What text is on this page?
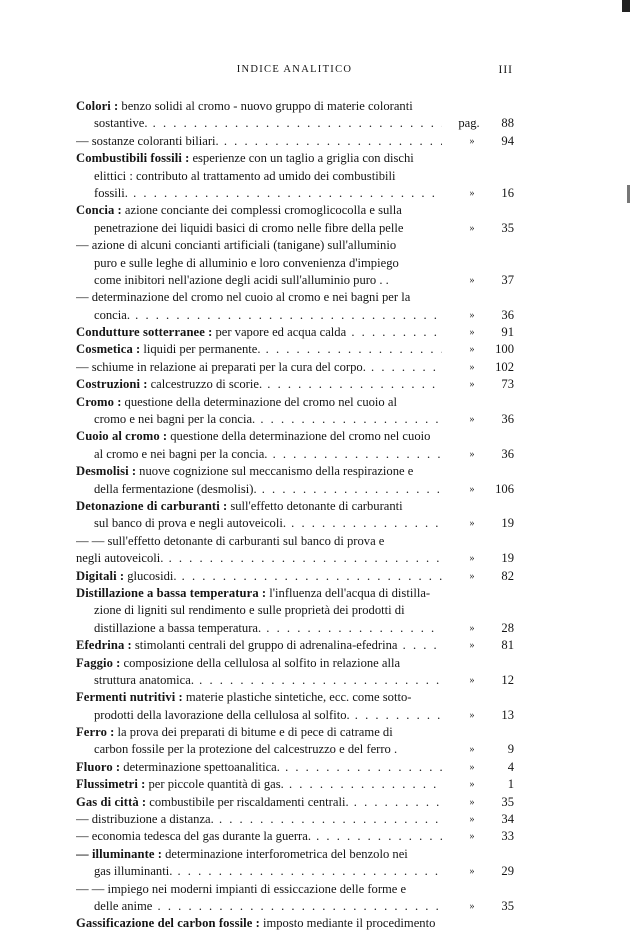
INDICE ANALITICO	III
Colori : benzo solidi al cromo - nuovo gruppo di materie coloranti
sostantive. . . .	pag.	88
— sostanze coloranti biliari. . . .	»	94
Combustibili fossili : esperienze con un taglio a griglia con dischi
elittici : contributo al trattamento ad umido dei combustibili
fossili. . . .	»	16
Concia : azione conciante dei complessi cromoglicocolla e sulla
penetrazione dei liquidi basici di cromo nelle fibre della pelle	»	35
— azione di alcuni concianti artificiali (tanigane) sull'alluminio
puro e sulle leghe di alluminio e loro convenienza d'impiego
come inibitori nell'azione degli acidi sull'alluminio puro . .	»	37
— determinazione del cromo nel cuoio al cromo e nei bagni per la
concia. . . .	»	36
Condutture sotterranee : per vapore ed acqua calda . . .	»	91
Cosmetica : liquidi per permanente. . . .	»	100
— schiume in relazione ai preparati per la cura del corpo. . . .	»	102
Costruzioni : calcestruzzo di scorie. . . .	»	73
Cromo : questione della determinazione del cromo nel cuoio al
cromo e nei bagni per la concia. . . .	»	36
Cuoio al cromo : questione della determinazione del cromo nel cuoio
al cromo e nei bagni per la concia. . . .	»	36
Desmolisi : nuove cognizione sul meccanismo della respirazione e
della fermentazione (desmolisi). . . .	»	106
Detonazione di carburanti : sull'effetto detonante di carburanti
sul banco di prova e negli autoveicoli. . . .	»	19
— — sull'effetto detonante di carburanti sul banco di prova e
negli autoveicoli. . . .	»	19
Digitali : glucosidi. . . .	»	82
Distillazione a bassa temperatura : l'influenza dell'acqua di distilla-
zione di ligniti sul rendimento e sulle proprietà dei prodotti di
distillazione a bassa temperatura. . . .	»	28
Efedrina : stimolanti centrali del gruppo di adrenalina-efedrina . . .	»	81
Faggio : composizione della cellulosa al solfito in relazione alla
struttura anatomica. . . .	»	12
Fermenti nutritivi : materie plastiche sintetiche, ecc. come sotto-
prodotti della lavorazione della cellulosa al solfito. . . .	»	13
Ferro : la prova dei preparati di bitume e di pece di catrame di
carbon fossile per la protezione del calcestruzzo e del ferro .	»	9
Fluoro : determinazione spettoanalitica. . . .	»	4
Flussimetri : per piccole quantità di gas. . . .	»	1
Gas di città : combustibile per riscaldamenti centrali. . . .	»	35
— distribuzione a distanza. . . .	»	34
— economia tedesca del gas durante la guerra. . . .	»	33
— illuminante : determinazione interforometrica del benzolo nei
gas illuminanti. . . .	»	29
— — impiego nei moderni impianti di essiccazione delle forme e
delle anime . . .	»	35
Gassificazione del carbon fossile : imposto mediante il procedimento
